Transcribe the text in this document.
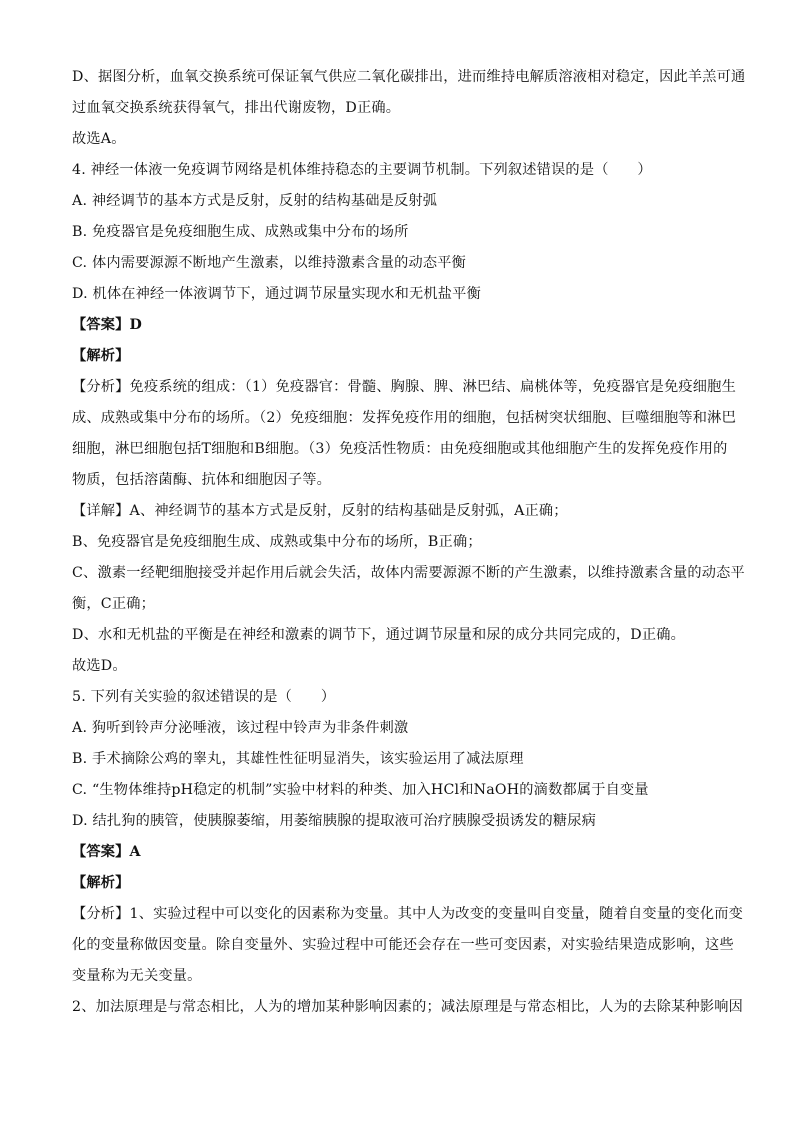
D、据图分析，血氧交换系统可保证氧气供应二氧化碳排出，进而维持电解质溶液相对稳定，因此羊羔可通
过血氧交换系统获得氧气，排出代谢废物，D正确。
故选A。
4. 神经一体液一免疫调节网络是机体维持稳态的主要调节机制。下列叙述错误的是（　　）
A. 神经调节的基本方式是反射，反射的结构基础是反射弧
B. 免疫器官是免疫细胞生成、成熟或集中分布的场所
C. 体内需要源源不断地产生激素，以维持激素含量的动态平衡
D. 机体在神经一体液调节下，通过调节尿量实现水和无机盐平衡
【答案】D
【解析】
【分析】免疫系统的组成：（1）免疫器官：骨髓、胸腺、脾、淋巴结、扁桃体等，免疫器官是免疫细胞生
成、成熟或集中分布的场所。（2）免疫细胞：发挥免疫作用的细胞，包括树突状细胞、巨噬细胞等和淋巴
细胞，淋巴细胞包括T细胞和B细胞。（3）免疫活性物质：由免疫细胞或其他细胞产生的发挥免疫作用的
物质，包括溶菌酶、抗体和细胞因子等。
【详解】A、神经调节的基本方式是反射，反射的结构基础是反射弧，A正确；
B、免疫器官是免疫细胞生成、成熟或集中分布的场所，B正确；
C、激素一经靶细胞接受并起作用后就会失活，故体内需要源源不断的产生激素，以维持激素含量的动态平
衡，C正确；
D、水和无机盐的平衡是在神经和激素的调节下，通过调节尿量和尿的成分共同完成的，D正确。
故选D。
5. 下列有关实验的叙述错误的是（　　）
A. 狗听到铃声分泌唾液，该过程中铃声为非条件刺激
B. 手术摘除公鸡的睾丸，其雄性性征明显消失，该实验运用了减法原理
C. “生物体维持pH稳定的机制”实验中材料的种类、加入HCl和NaOH的滴数都属于自变量
D. 结扎狗的胰管，使胰腺萎缩，用萎缩胰腺的提取液可治疗胰腺受损诱发的糖尿病
【答案】A
【解析】
【分析】1、实验过程中可以变化的因素称为变量。其中人为改变的变量叫自变量，随着自变量的变化而变
化的变量称做因变量。除自变量外、实验过程中可能还会存在一些可变因素，对实验结果造成影响，这些
变量称为无关变量。
2、加法原理是与常态相比，人为的增加某种影响因素的；减法原理是与常态相比，人为的去除某种影响因
